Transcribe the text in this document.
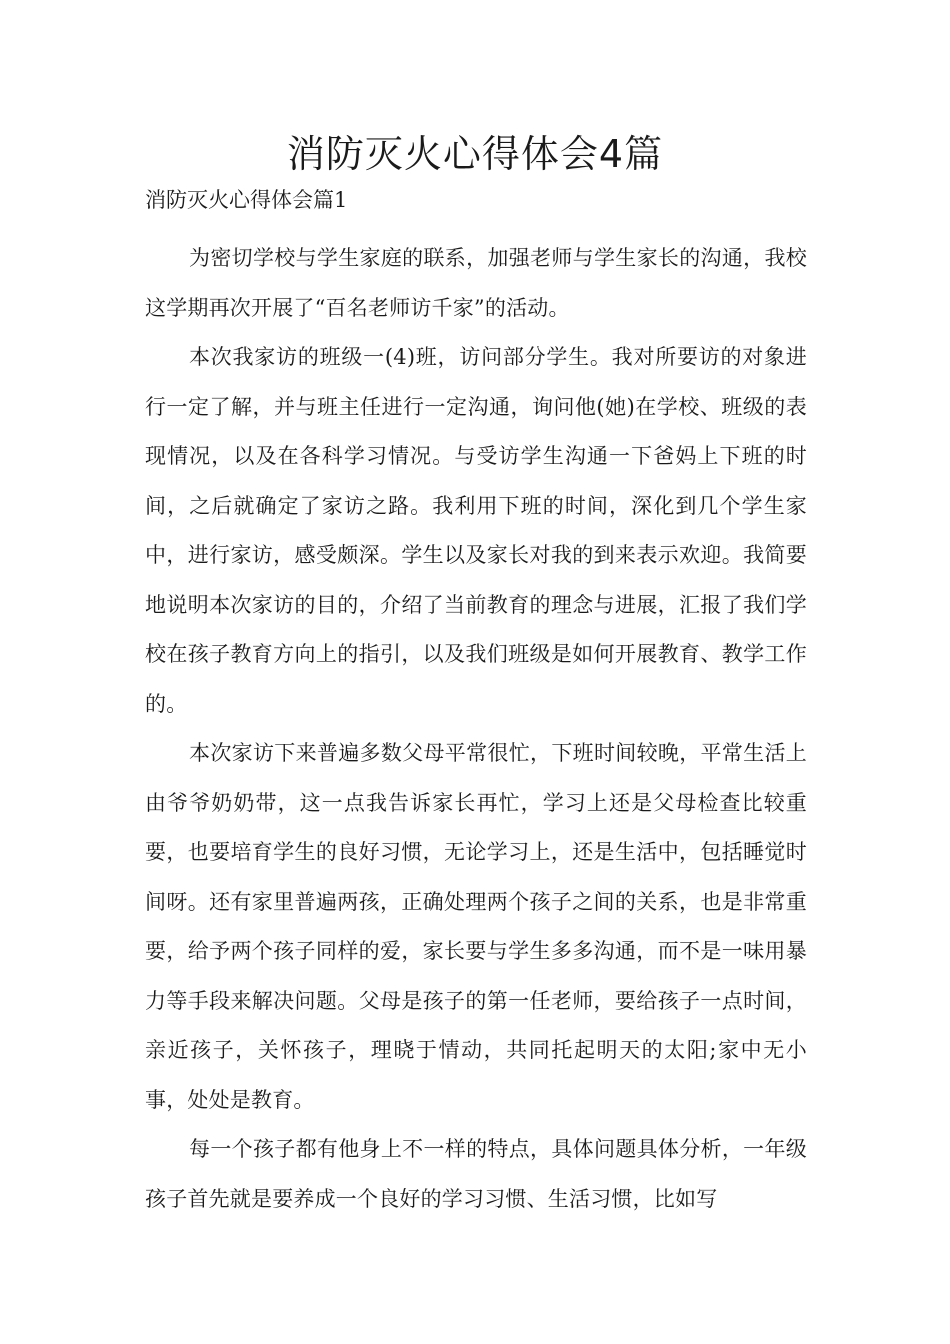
消防灭火心得体会4篇
消防灭火心得体会篇1

为密切学校与学生家庭的联系，加强老师与学生家长的沟通，我校这学期再次开展了“百名老师访千家”的活动。

本次我家访的班级一(4)班，访问部分学生。我对所要访的对象进行一定了解，并与班主任进行一定沟通，询问他(她)在学校、班级的表现情况，以及在各科学习情况。与受访学生沟通一下爸妈上下班的时间，之后就确定了家访之路。我利用下班的时间，深化到几个学生家中，进行家访，感受颇深。学生以及家长对我的到来表示欢迎。我简要地说明本次家访的目的，介绍了当前教育的理念与进展，汇报了我们学校在孩子教育方向上的指引，以及我们班级是如何开展教育、教学工作的。

本次家访下来普遍多数父母平常很忙，下班时间较晚，平常生活上由爷爷奶奶带，这一点我告诉家长再忙，学习上还是父母检查比较重要，也要培育学生的良好习惯，无论学习上，还是生活中，包括睡觉时间呀。还有家里普遍两孩，正确处理两个孩子之间的关系，也是非常重要，给予两个孩子同样的爱，家长要与学生多多沟通，而不是一味用暴力等手段来解决问题。父母是孩子的第一任老师，要给孩子一点时间，亲近孩子，关怀孩子，理晓于情动，共同托起明天的太阳;家中无小事，处处是教育。

每一个孩子都有他身上不一样的特点，具体问题具体分析，一年级孩子首先就是要养成一个良好的学习习惯、生活习惯，比如写
